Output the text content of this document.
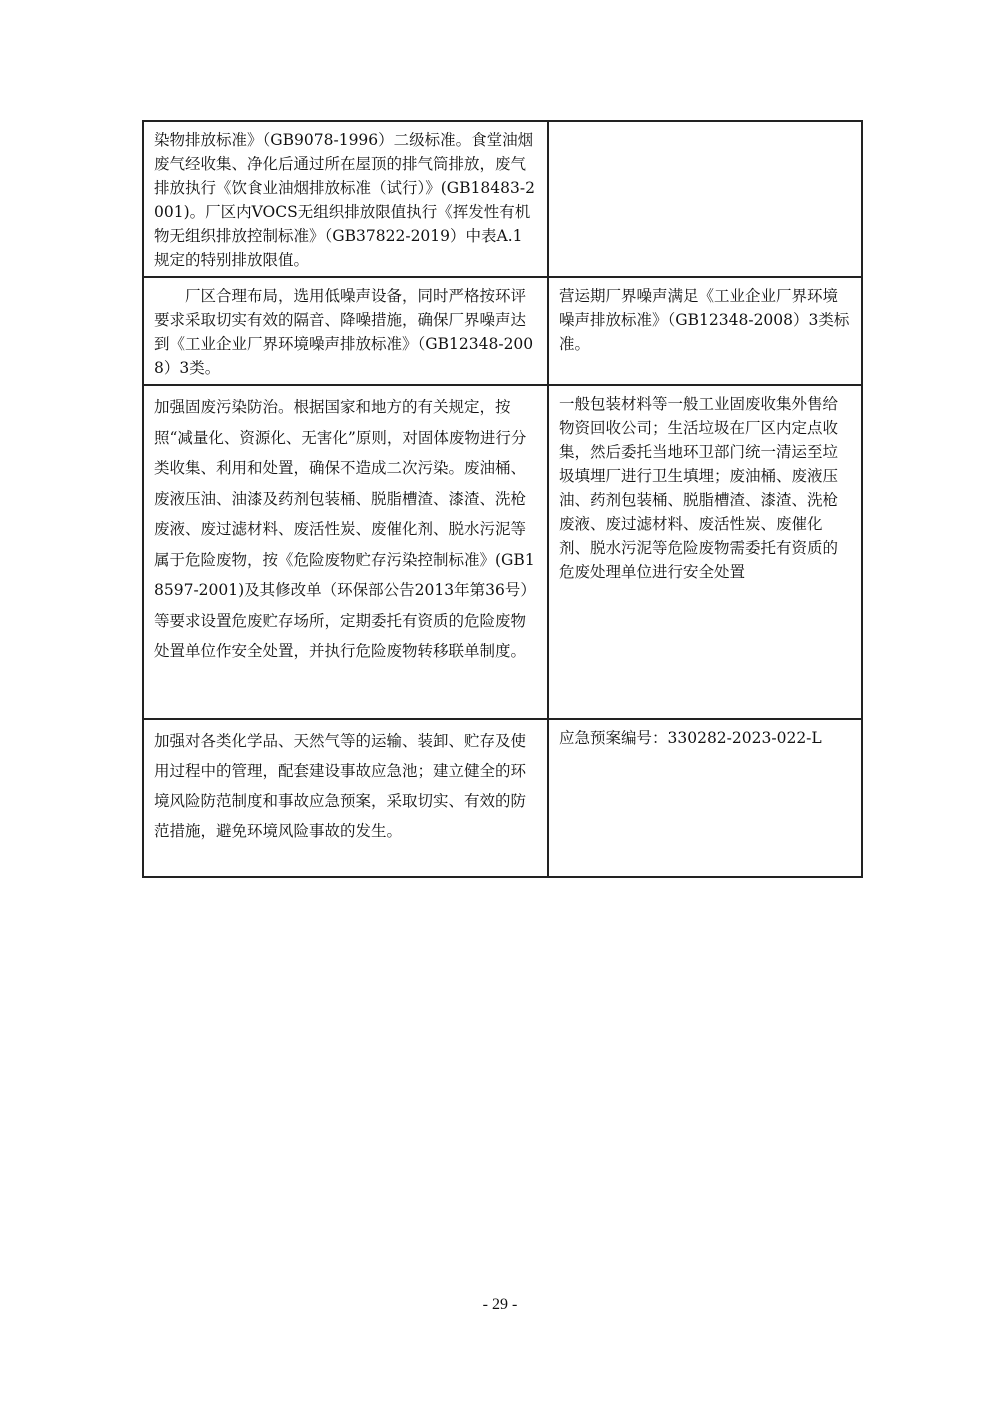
染物排放标准》（GB9078-1996）二级标准。食堂油烟废气经收集、净化后通过所在屋顶的排气筒排放，废气排放执行《饮食业油烟排放标准（试行）》(GB18483-2001)。厂区内VOCS无组织排放限值执行《挥发性有机物无组织排放控制标准》（GB37822-2019）中表A.1规定的特别排放限值。	
厂区合理布局，选用低噪声设备，同时严格按环评要求采取切实有效的隔音、降噪措施，确保厂界噪声达到《工业企业厂界环境噪声排放标准》（GB12348-2008）3类。	营运期厂界噪声满足《工业企业厂界环境噪声排放标准》（GB12348-2008）3类标准。
加强固废污染防治。根据国家和地方的有关规定，按照“减量化、资源化、无害化”原则，对固体废物进行分类收集、利用和处置，确保不造成二次污染。废油桶、废液压油、油漆及药剂包装桶、脱脂槽渣、漆渣、洗枪废液、废过滤材料、废活性炭、废催化剂、脱水污泥等属于危险废物，按《危险废物贮存污染控制标准》(GB18597-2001)及其修改单（环保部公告2013年第36号）等要求设置危废贮存场所，定期委托有资质的危险废物处置单位作安全处置，并执行危险废物转移联单制度。	一般包装材料等一般工业固废收集外售给物资回收公司；生活垃圾在厂区内定点收集，然后委托当地环卫部门统一清运至垃圾填埋厂进行卫生填埋；废油桶、废液压油、药剂包装桶、脱脂槽渣、漆渣、洗枪废液、废过滤材料、废活性炭、废催化剂、脱水污泥等危险废物需委托有资质的危废处理单位进行安全处置
加强对各类化学品、天然气等的运输、装卸、贮存及使用过程中的管理，配套建设事故应急池；建立健全的环境风险防范制度和事故应急预案，采取切实、有效的防范措施，避免环境风险事故的发生。	应急预案编号：330282-2023-022-L
- 29 -
